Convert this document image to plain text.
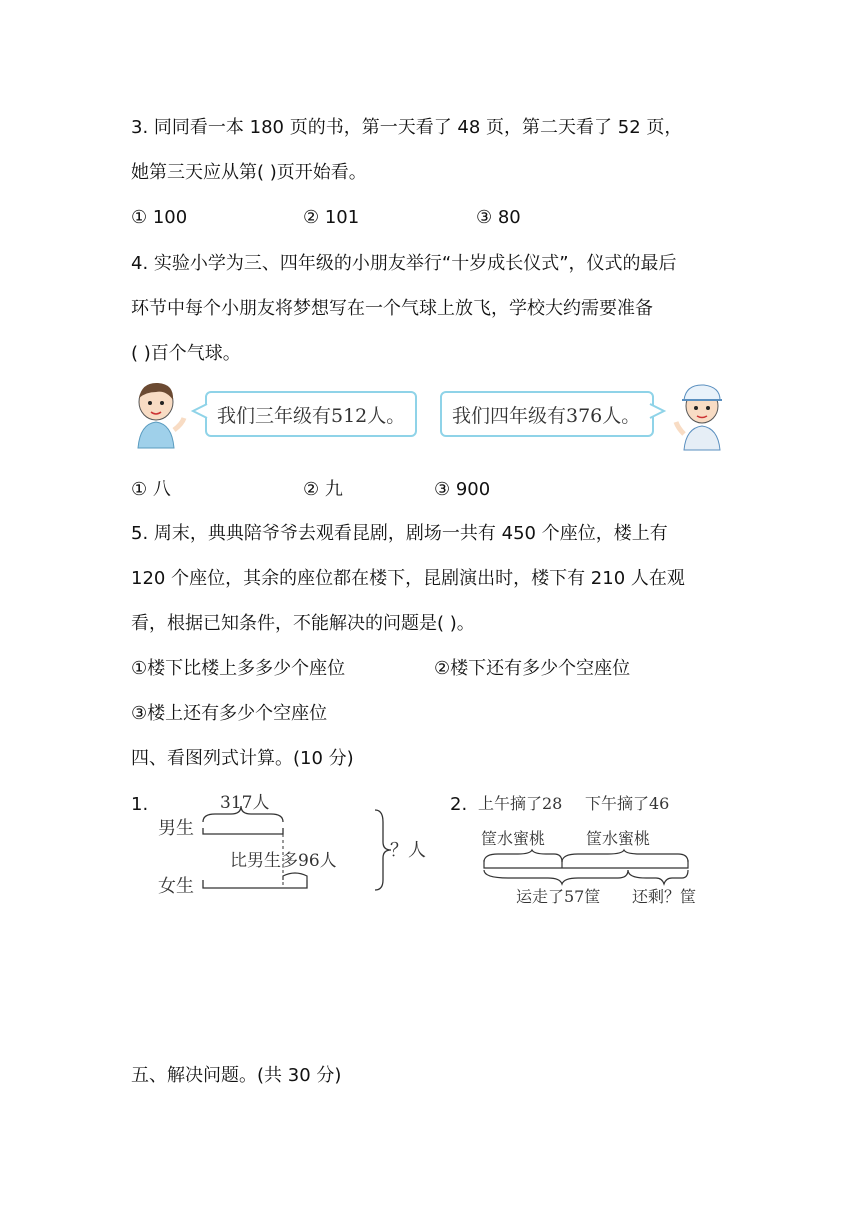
3. 同同看一本 180 页的书，第一天看了 48 页，第二天看了 52 页，
她第三天应从第( )页开始看。
① 100	② 101	③ 80
4. 实验小学为三、四年级的小朋友举行“十岁成长仪式”，仪式的最后
环节中每个小朋友将梦想写在一个气球上放飞，学校大约需要准备
( )百个气球。
我们三年级有512人。 我们四年级有376人。
① 八	② 九	③ 900
5. 周末，典典陪爷爷去观看昆剧，剧场一共有 450 个座位，楼上有
120 个座位，其余的座位都在楼下，昆剧演出时，楼下有 210 人在观
看，根据已知条件，不能解决的问题是( )。
①楼下比楼上多多少个座位	②楼下还有多少个空座位
③楼上还有多少个空座位
四、看图列式计算。(10 分)
1.	317人
男生
比男生多96人
女生
？人
2. 上午摘了28
筐水蜜桃
下午摘了46
筐水蜜桃
运走了57筐 还剩？筐
五、解决问题。(共 30 分)
